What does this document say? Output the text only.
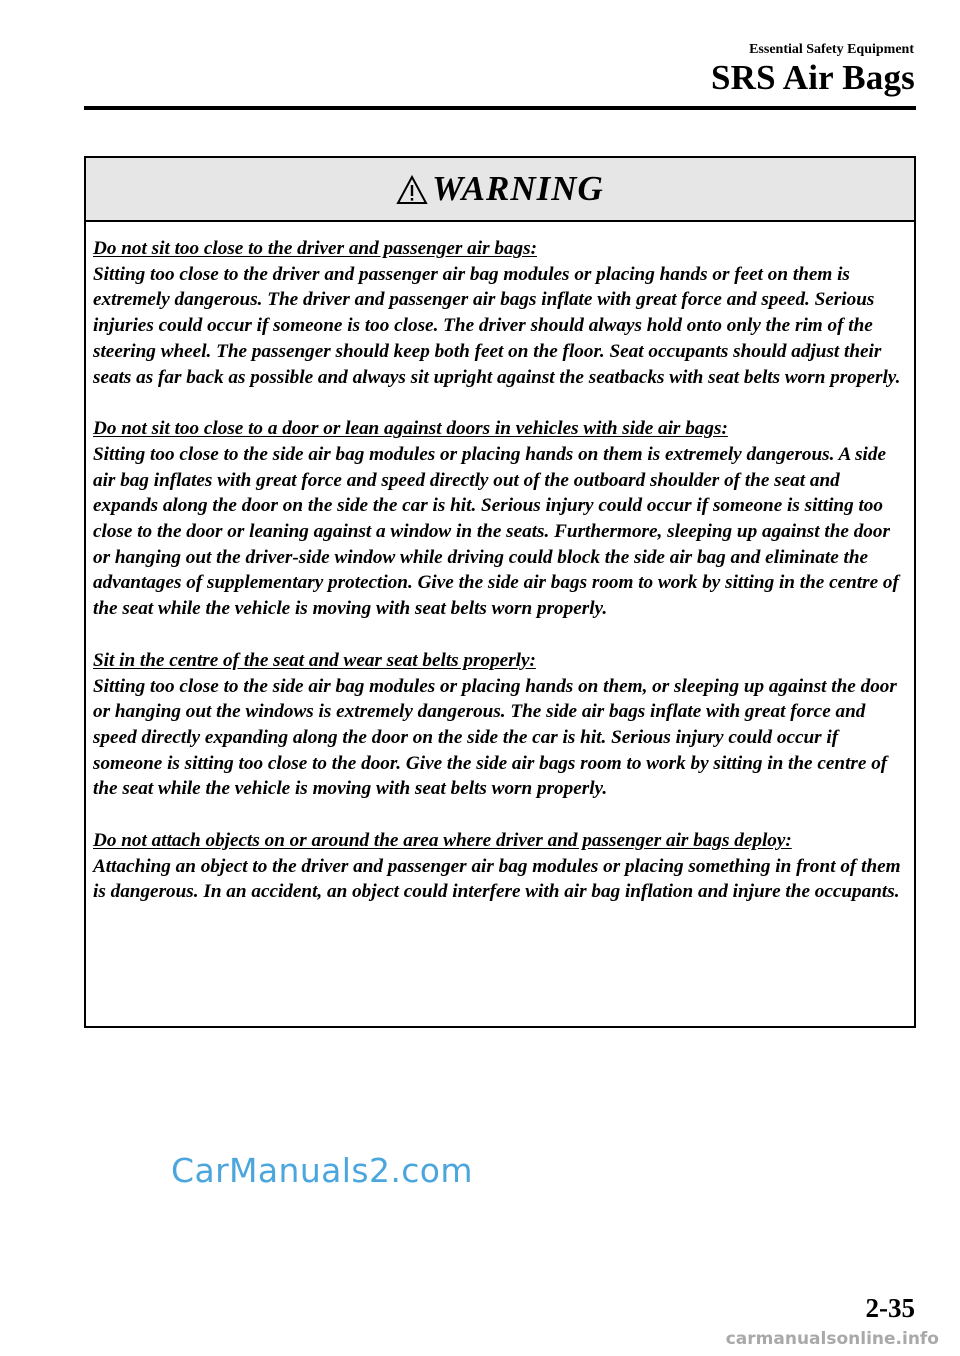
Essential Safety Equipment
SRS Air Bags
WARNING
Do not sit too close to the driver and passenger air bags:
Sitting too close to the driver and passenger air bag modules or placing hands or feet on them is extremely dangerous. The driver and passenger air bags inflate with great force and speed. Serious injuries could occur if someone is too close. The driver should always hold onto only the rim of the steering wheel. The passenger should keep both feet on the floor. Seat occupants should adjust their seats as far back as possible and always sit upright against the seatbacks with seat belts worn properly.
Do not sit too close to a door or lean against doors in vehicles with side air bags:
Sitting too close to the side air bag modules or placing hands on them is extremely dangerous. A side air bag inflates with great force and speed directly out of the outboard shoulder of the seat and expands along the door on the side the car is hit. Serious injury could occur if someone is sitting too close to the door or leaning against a window in the seats. Furthermore, sleeping up against the door or hanging out the driver-side window while driving could block the side air bag and eliminate the advantages of supplementary protection. Give the side air bags room to work by sitting in the centre of the seat while the vehicle is moving with seat belts worn properly.
Sit in the centre of the seat and wear seat belts properly:
Sitting too close to the side air bag modules or placing hands on them, or sleeping up against the door or hanging out the windows is extremely dangerous. The side air bags inflate with great force and speed directly expanding along the door on the side the car is hit. Serious injury could occur if someone is sitting too close to the door. Give the side air bags room to work by sitting in the centre of the seat while the vehicle is moving with seat belts worn properly.
Do not attach objects on or around the area where driver and passenger air bags deploy:
Attaching an object to the driver and passenger air bag modules or placing something in front of them is dangerous. In an accident, an object could interfere with air bag inflation and injure the occupants.
CarManuals2.com
2-35
carmanualsonline.info
